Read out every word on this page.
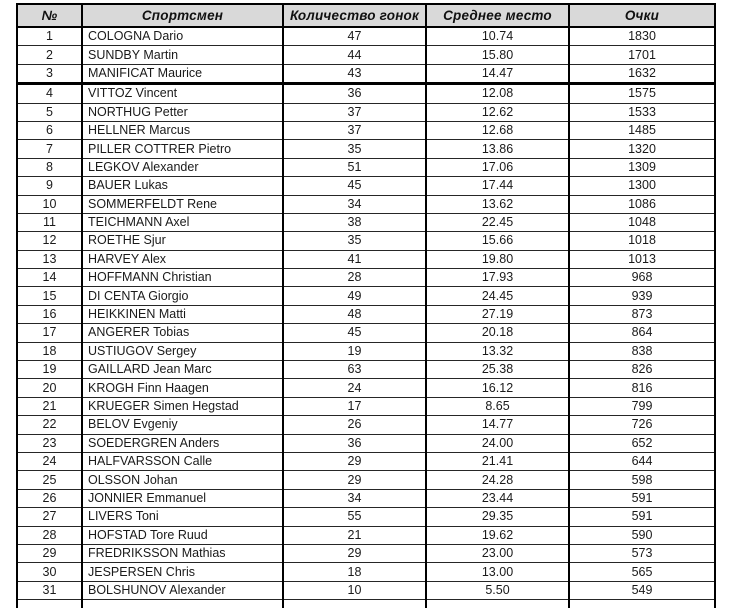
№	Спортсмен	Количество гонок	Среднее место	Очки
1	COLOGNA Dario	47	10.74	1830
2	SUNDBY Martin	44	15.80	1701
3	MANIFICAT Maurice	43	14.47	1632
4	VITTOZ Vincent	36	12.08	1575
5	NORTHUG Petter	37	12.62	1533
6	HELLNER Marcus	37	12.68	1485
7	PILLER COTTRER Pietro	35	13.86	1320
8	LEGKOV Alexander	51	17.06	1309
9	BAUER Lukas	45	17.44	1300
10	SOMMERFELDT Rene	34	13.62	1086
11	TEICHMANN Axel	38	22.45	1048
12	ROETHE Sjur	35	15.66	1018
13	HARVEY Alex	41	19.80	1013
14	HOFFMANN Christian	28	17.93	968
15	DI CENTA Giorgio	49	24.45	939
16	HEIKKINEN Matti	48	27.19	873
17	ANGERER Tobias	45	20.18	864
18	USTIUGOV Sergey	19	13.32	838
19	GAILLARD Jean Marc	63	25.38	826
20	KROGH Finn Haagen	24	16.12	816
21	KRUEGER Simen Hegstad	17	8.65	799
22	BELOV Evgeniy	26	14.77	726
23	SOEDERGREN Anders	36	24.00	652
24	HALFVARSSON Calle	29	21.41	644
25	OLSSON Johan	29	24.28	598
26	JONNIER Emmanuel	34	23.44	591
27	LIVERS Toni	55	29.35	591
28	HOFSTAD Tore Ruud	21	19.62	590
29	FREDRIKSSON Mathias	29	23.00	573
30	JESPERSEN Chris	18	13.00	565
31	BOLSHUNOV Alexander	10	5.50	549
